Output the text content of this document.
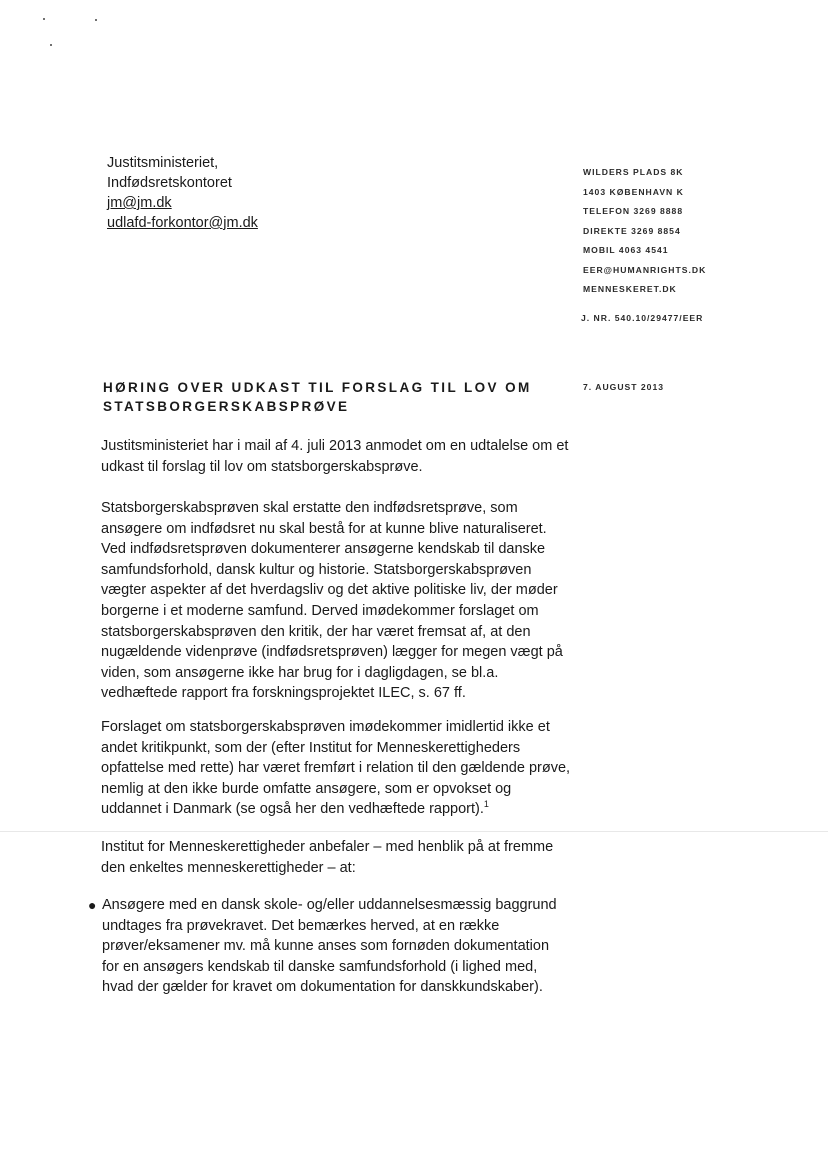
Justitsministeriet,
Indfødsretskontoret
jm@jm.dk
udlafd-forkontor@jm.dk
WILDERS PLADS 8K
1403 KØBENHAVN K
TELEFON 3269 8888
DIREKTE 3269 8854
MOBIL 4063 4541
EER@HUMANRIGHTS.DK
MENNESKERET.DK
J. NR. 540.10/29477/EER
7. AUGUST 2013
HØRING OVER UDKAST TIL FORSLAG TIL LOV OM STATSBORGERSKABSPRØVE

Justitsministeriet har i mail af 4. juli 2013 anmodet om en udtalelse om et udkast til forslag til lov om statsborgerskabsprøve.

Statsborgerskabsprøven skal erstatte den indfødsretsprøve, som ansøgere om indfødsret nu skal bestå for at kunne blive naturaliseret. Ved indfødsretsprøven dokumenterer ansøgerne kendskab til danske samfundsforhold, dansk kultur og historie. Statsborgerskabsprøven vægter aspekter af det hverdagsliv og det aktive politiske liv, der møder borgerne i et moderne samfund. Derved imødekommer forslaget om statsborgerskabsprøven den kritik, der har været fremsat af, at den nugældende videnprøve (indfødsretsprøven) lægger for megen vægt på viden, som ansøgerne ikke har brug for i dagligdagen, se bl.a. vedhæftede rapport fra forskningsprojektet ILEC, s. 67 ff.

Forslaget om statsborgerskabsprøven imødekommer imidlertid ikke et andet kritikpunkt, som der (efter Institut for Menneskerettigheders opfattelse med rette) har været fremført i relation til den gældende prøve, nemlig at den ikke burde omfatte ansøgere, som er opvokset og uddannet i Danmark (se også her den vedhæftede rapport).$^1$

Institut for Menneskerettigheder anbefaler – med henblik på at fremme den enkeltes menneskerettigheder – at:

● Ansøgere med en dansk skole- og/eller uddannelsesmæssig baggrund undtages fra prøvekravet. Det bemærkes herved, at en række prøver/eksamener mv. må kunne anses som fornøden dokumentation for en ansøgers kendskab til danske samfundsforhold (i lighed med, hvad der gælder for kravet om dokumentation for danskkundskaber).
